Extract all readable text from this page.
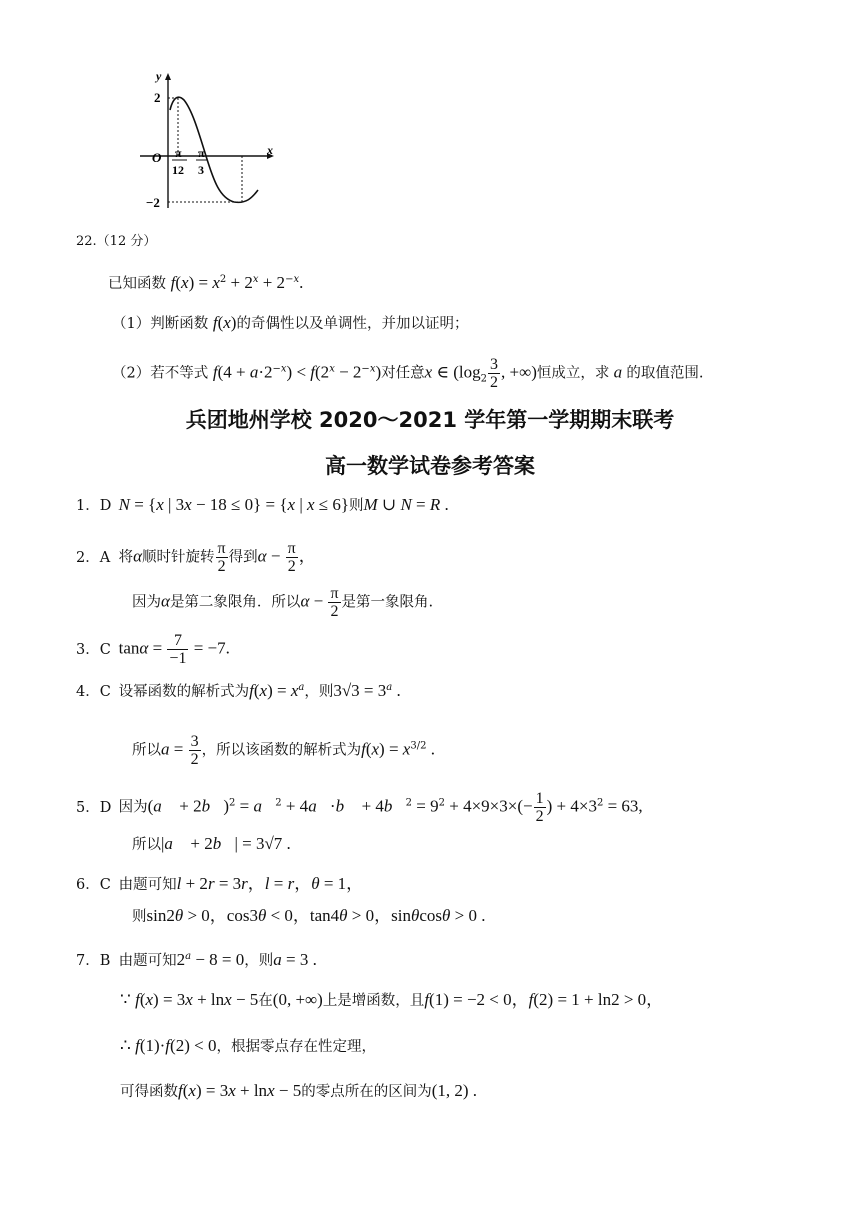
y
x
O
2
−2
π
12
π
3
22.（12 分）
已知函数 $f(x) = x^2 + 2^x + 2^{-x}$.
（1）判断函数 f(x)的奇偶性以及单调性，并加以证明；
（2）若不等式 $f(4 + a\cdot 2^{-x}) < f(2^x - 2^{-x})$对任意x ∈ ($\log_2 \frac{3}{2}$ , +∞)恒成立，求 a 的取值范围.
兵团地州学校 2020～2021 学年第一学期期末联考
高一数学试卷参考答案
1．D N = {x | 3x − 18 ≤ 0} = {x | x ≤ 6}则M ∪ N = R .
2．A 将α顺时针旋转 $\frac{\pi}{2}$ 得到$\alpha - \frac{\pi}{2}$ ，
因为α是第二象限角．所以$\alpha - \frac{\pi}{2}$ 是第一象限角.
3．C $\tan\alpha = \frac{7}{-1} = -7$.
4．C 设幂函数的解析式为$f(x) = x^a$，则$3√3 = 3^a$ .
所以$a = \frac{3}{2}$ ，所以该函数的解析式为$f(x) = x^{3/2}$ .
5．D 因为(a⃗ + 2b⃗)$^2$ = a⃗$^2$ + 4a⃗·b⃗ + 4b⃗$^2$ = $9^2 + 4\times 9\times 3\times(- \frac{1}{2}$ ) + $4\times 3^2 = 63$,
所以|a⃗ + 2b⃗| = 3√7 .
6．C 由题可知l + 2r = 3r，l = r，θ = 1，
则sin2θ > 0，cos3θ < 0，tan4θ > 0，sinθcosθ > 0 .
7．B 由题可知$2^a - 8 = 0$，则a = 3 .
∵ f(x) = 3x + lnx − 5在(0, +∞)上是增函数，且f(1) = −2 < 0，f(2) = 1 + ln2 > 0，
∴ f(1)·f(2) < 0，根据零点存在性定理，
可得函数f(x) = 3x + lnx − 5的零点所在的区间为(1, 2) .
